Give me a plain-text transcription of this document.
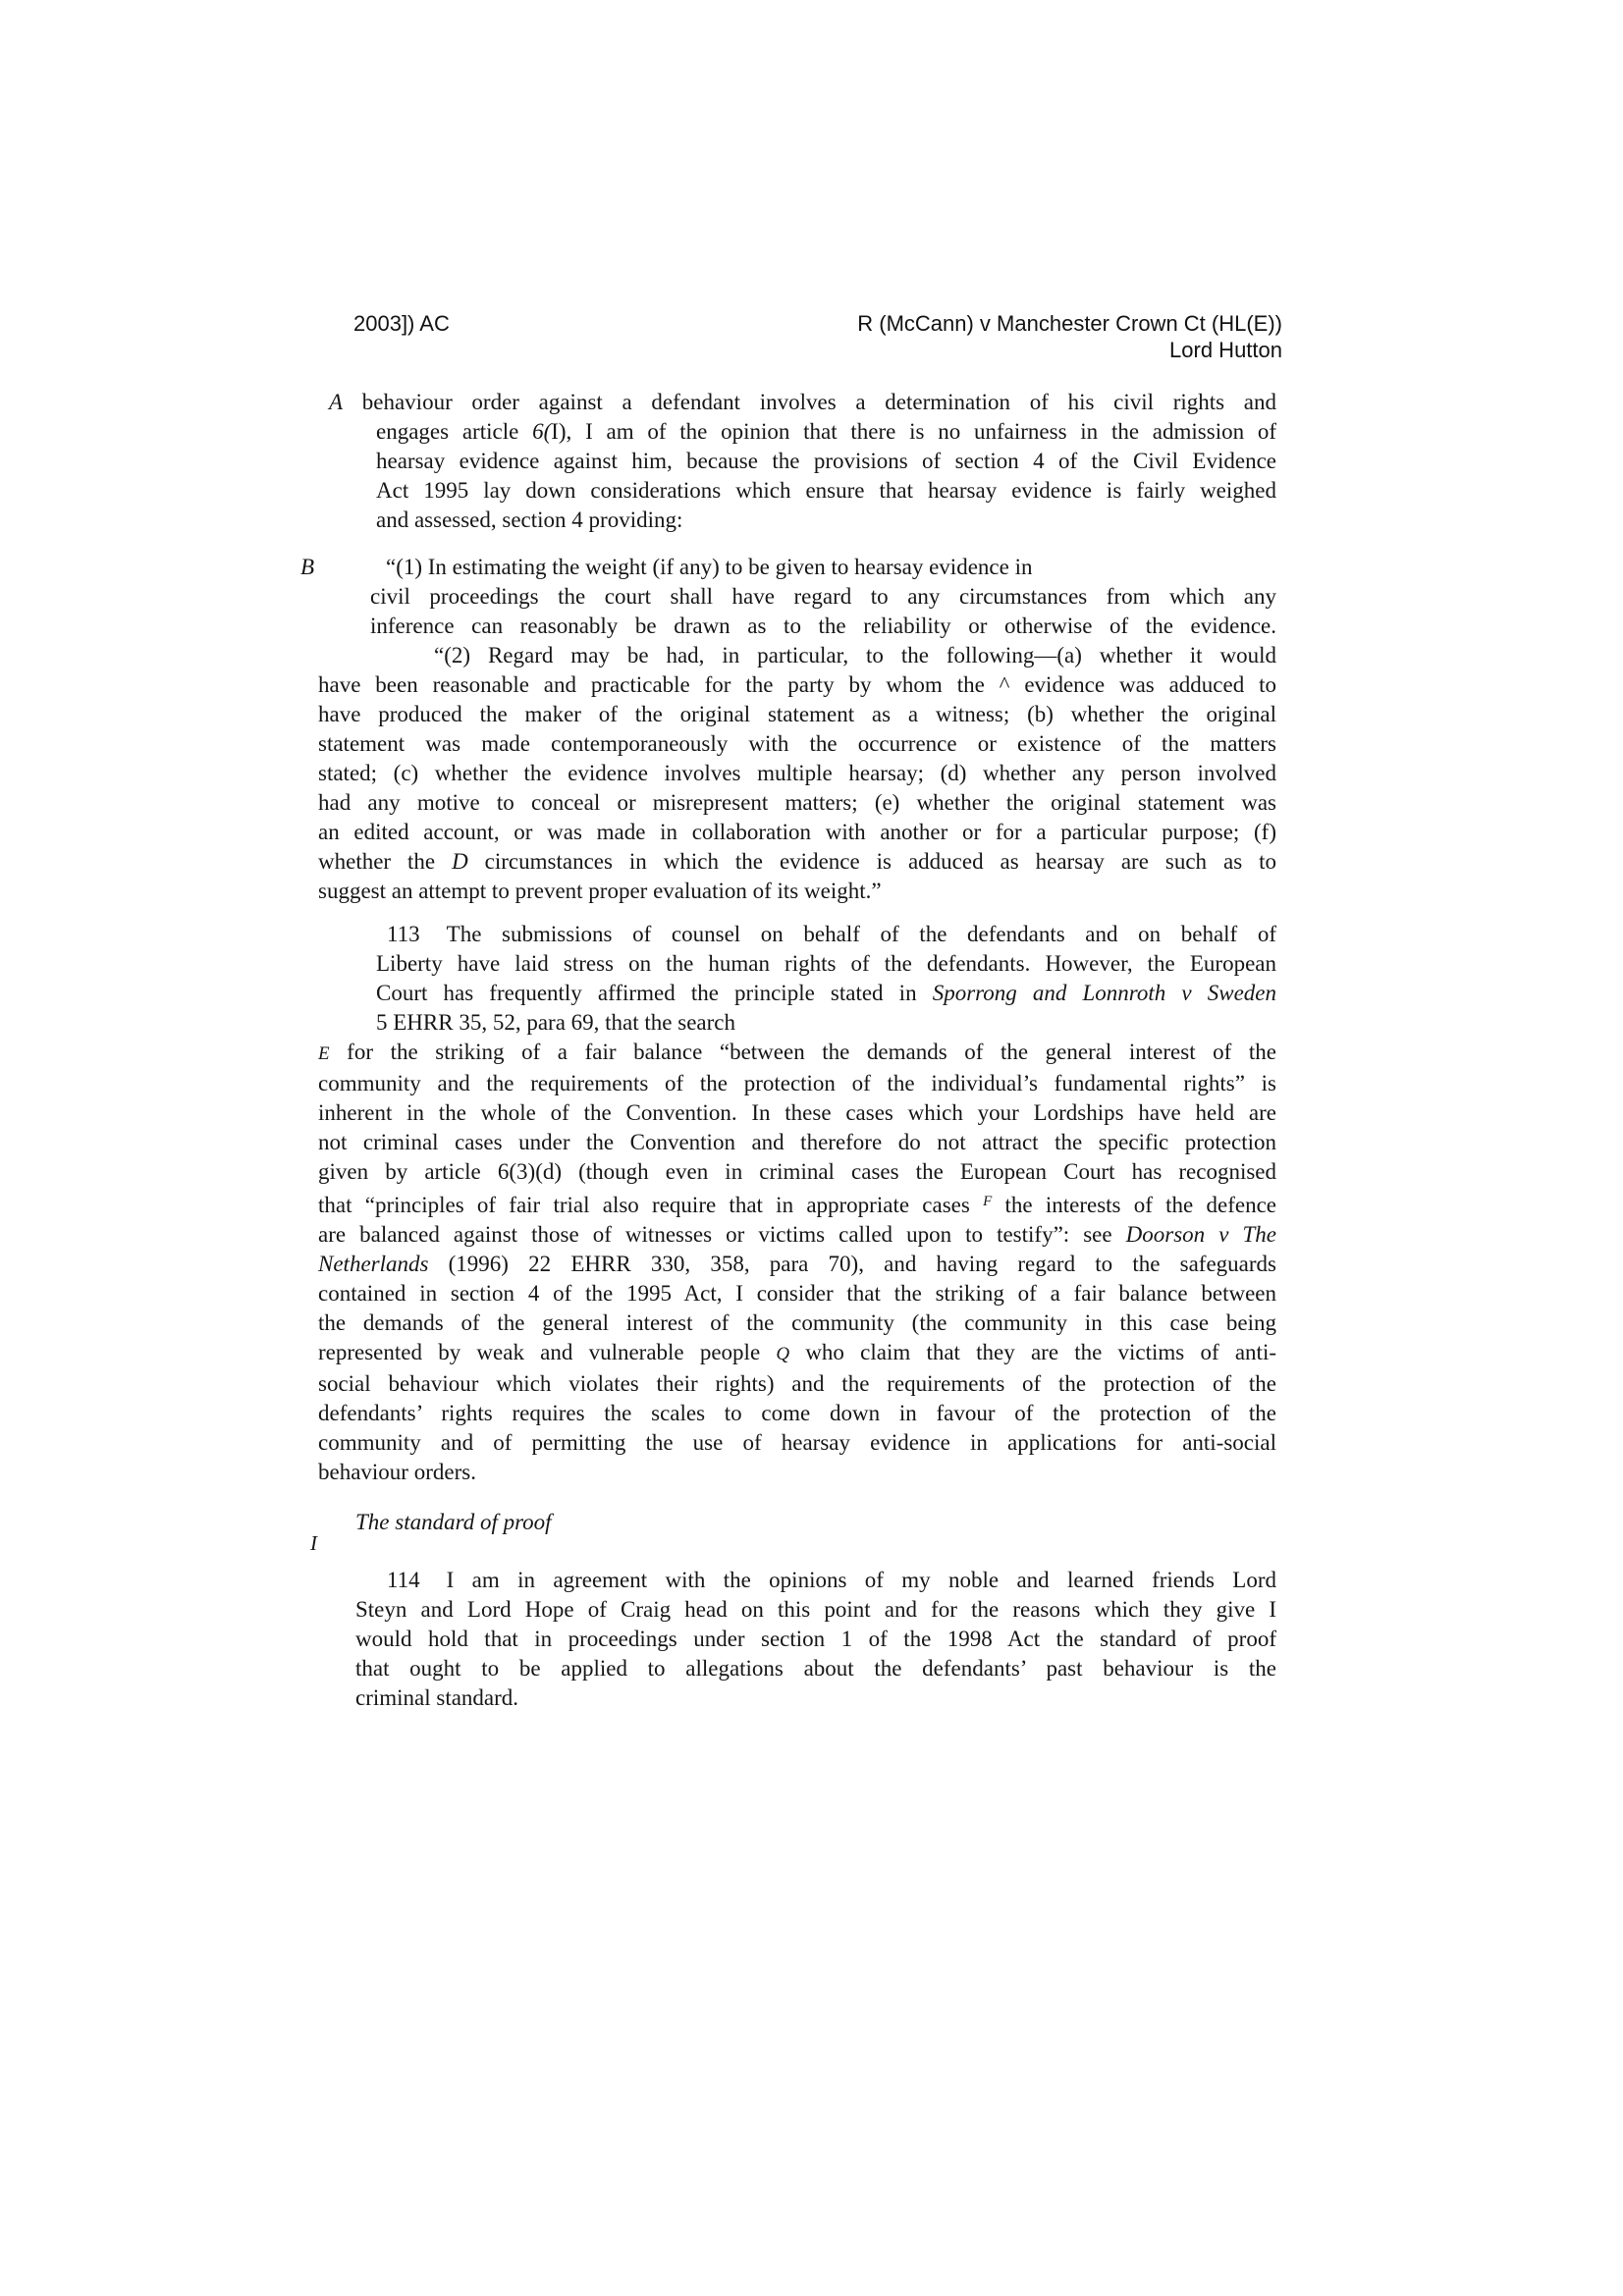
2003]) AC	R (McCann) v Manchester Crown Ct (HL(E))
Lord Hutton
I
A behaviour order against a defendant involves a determination of his civil rights and
engages article 6(I), I am of the opinion that there is no unfairness in the admission of
hearsay evidence against him, because the provisions of section 4 of the Civil Evidence
Act 1995 lay down considerations which ensure that hearsay evidence is fairly weighed
and assessed, section 4 providing:
B	“(1) In estimating the weight (if any) to be given to hearsay evidence in
civil proceedings the court shall have regard to any circumstances from which any
inference can reasonably be drawn as to the reliability or otherwise of the evidence.
“(2) Regard may be had, in particular, to the following—(a) whether it would
have been reasonable and practicable for the party by whom the ^ evidence was adduced to
have produced the maker of the original statement as a witness; (b) whether the original
statement was made contemporaneously with the occurrence or existence of the matters
stated; (c) whether the evidence involves multiple hearsay; (d) whether any person involved
had any motive to conceal or misrepresent matters; (e) whether the original statement was
an edited account, or was made in collaboration with another or for a particular purpose; (f)
whether the D circumstances in which the evidence is adduced as hearsay are such as to
suggest an attempt to prevent proper evaluation of its weight.”
113 The submissions of counsel on behalf of the defendants and on behalf of
Liberty have laid stress on the human rights of the defendants. However, the European
Court has frequently affirmed the principle stated in Sporrong and Lonnroth v Sweden
5 EHRR 35, 52, para 69, that the search
E for the striking of a fair balance “between the demands of the general interest of the
community and the requirements of the protection of the individual’s fundamental rights” is
inherent in the whole of the Convention. In these cases which your Lordships have held are
not criminal cases under the Convention and therefore do not attract the specific protection
given by article 6(3)(d) (though even in criminal cases the European Court has recognised
that “principles of fair trial also require that in appropriate cases $^F$ the interests of the defence
are balanced against those of witnesses or victims called upon to testify”: see Doorson v The
Netherlands (1996) 22 EHRR 330, 358, para 70), and having regard to the safeguards
contained in section 4 of the 1995 Act, I consider that the striking of a fair balance between
the demands of the general interest of the community (the community in this case being
represented by weak and vulnerable people Q who claim that they are the victims of anti-
social behaviour which violates their rights) and the requirements of the protection of the
defendants’ rights requires the scales to come down in favour of the protection of the
community and of permitting the use of hearsay evidence in applications for anti-social
behaviour orders.
The standard of proof
114 I am in agreement with the opinions of my noble and learned friends Lord
Steyn and Lord Hope of Craig head on this point and for the reasons which they give I
would hold that in proceedings under section 1 of the 1998 Act the standard of proof
that ought to be applied to allegations about the defendants’ past behaviour is the
criminal standard.
